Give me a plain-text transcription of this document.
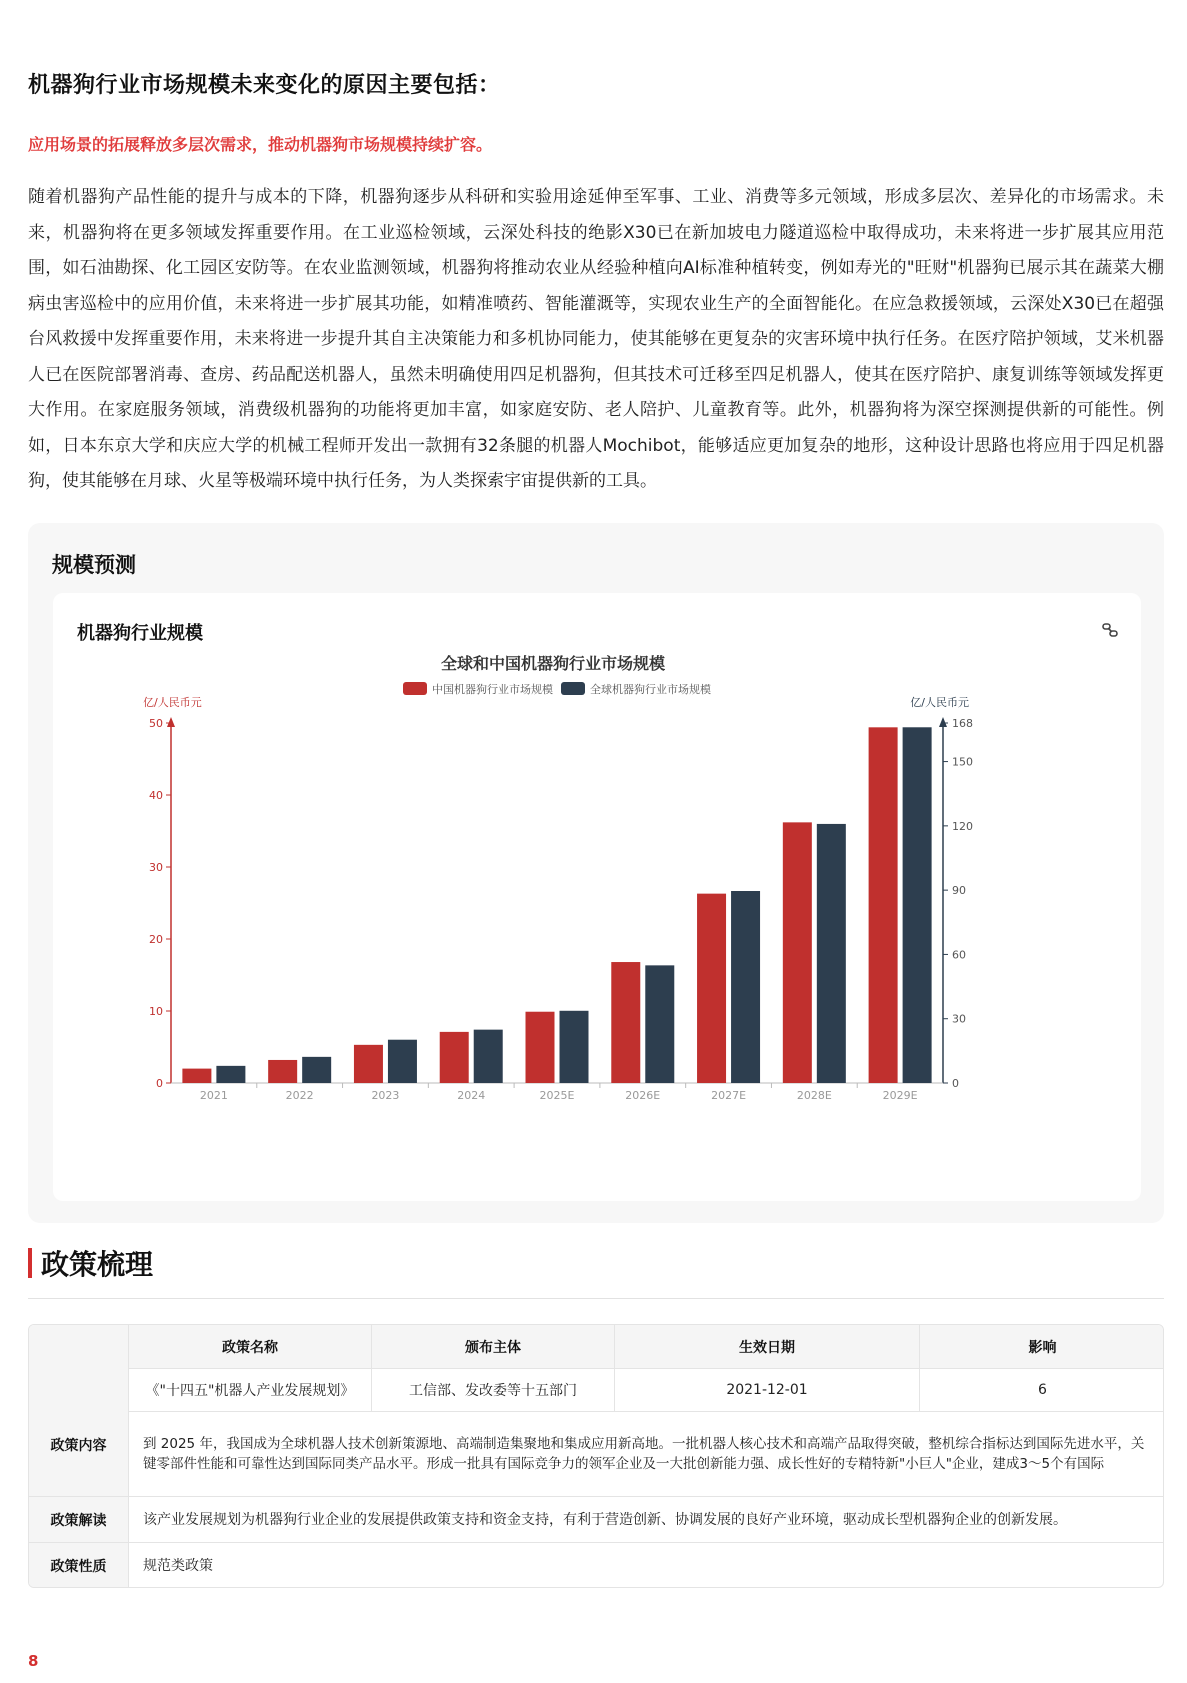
机器狗行业市场规模未来变化的原因主要包括：
应用场景的拓展释放多层次需求，推动机器狗市场规模持续扩容。
随着机器狗产品性能的提升与成本的下降，机器狗逐步从科研和实验用途延伸至军事、工业、消费等多元领域，形成多层次、差异化的市场需求。未来，机器狗将在更多领域发挥重要作用。在工业巡检领域，云深处科技的绝影X30已在新加坡电力隧道巡检中取得成功，未来将进一步扩展其应用范围，如石油勘探、化工园区安防等。在农业监测领域，机器狗将推动农业从经验种植向AI标准种植转变，例如寿光的"旺财"机器狗已展示其在蔬菜大棚病虫害巡检中的应用价值，未来将进一步扩展其功能，如精准喷药、智能灌溉等，实现农业生产的全面智能化。在应急救援领域，云深处X30已在超强台风救援中发挥重要作用，未来将进一步提升其自主决策能力和多机协同能力，使其能够在更复杂的灾害环境中执行任务。在医疗陪护领域，艾米机器人已在医院部署消毒、查房、药品配送机器人，虽然未明确使用四足机器狗，但其技术可迁移至四足机器人，使其在医疗陪护、康复训练等领域发挥更大作用。在家庭服务领域，消费级机器狗的功能将更加丰富，如家庭安防、老人陪护、儿童教育等。此外，机器狗将为深空探测提供新的可能性。例如，日本东京大学和庆应大学的机械工程师开发出一款拥有32条腿的机器人Mochibot，能够适应更加复杂的地形，这种设计思路也将应用于四足机器狗，使其能够在月球、火星等极端环境中执行任务，为人类探索宇宙提供新的工具。
规模预测
机器狗行业规模
全球和中国机器狗行业市场规模
中国机器狗行业市场规模	全球机器狗行业市场规模
亿/人民币元	亿/人民币元
0
10
20
30
40
50
0
30
60
90
120
150
168
2021	2022	2023	2024	2025E	2026E	2027E	2028E	2029E
政策梳理
政策名称	颁布主体	生效日期	影响
《"十四五"机器人产业发展规划》	工信部、发改委等十五部门	2021-12-01	6
政策内容	到 2025 年，我国成为全球机器人技术创新策源地、高端制造集聚地和集成应用新高地。一批机器人核心技术和高端产品取得突破，整机综合指标达到国际先进水平，关键零部件性能和可靠性达到国际同类产品水平。形成一批具有国际竞争力的领军企业及一大批创新能力强、成长性好的专精特新"小巨人"企业，建成3～5个有国际
政策解读	该产业发展规划为机器狗行业企业的发展提供政策支持和资金支持，有利于营造创新、协调发展的良好产业环境，驱动成长型机器狗企业的创新发展。
政策性质	规范类政策
8
